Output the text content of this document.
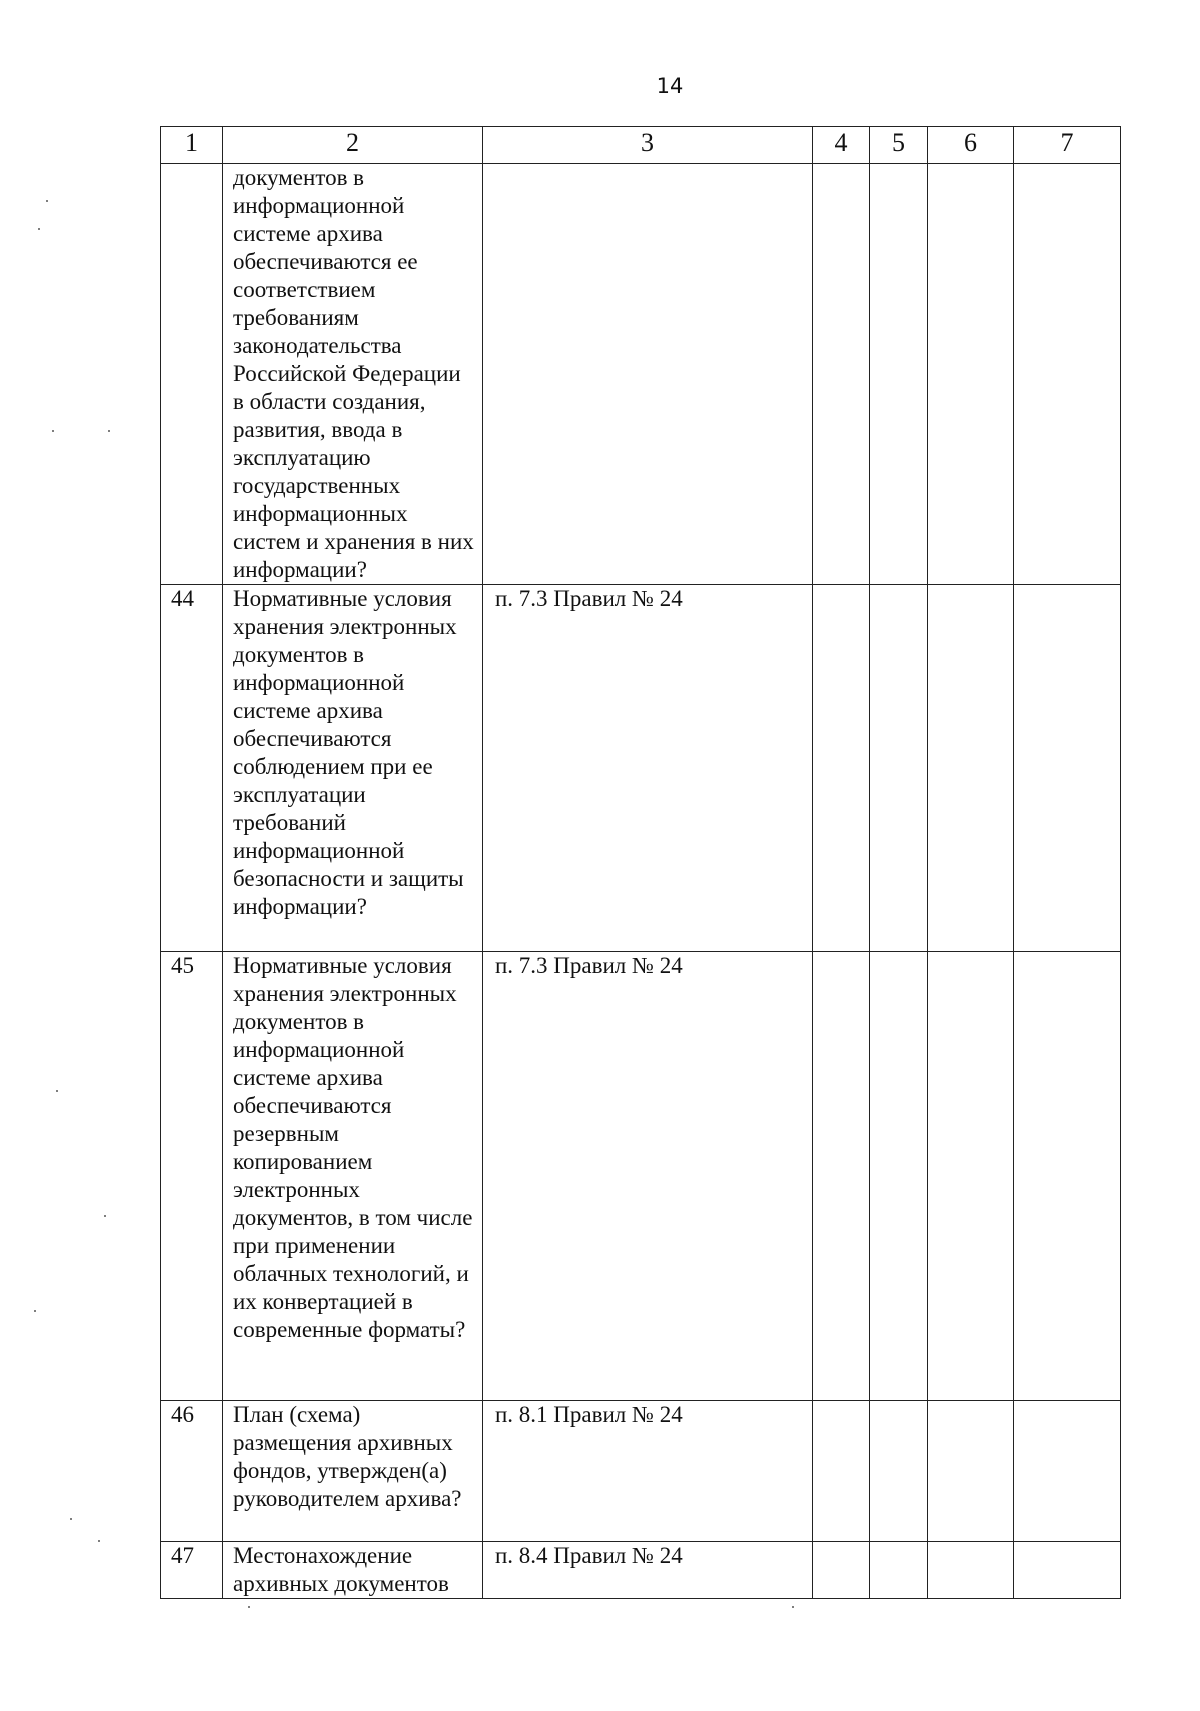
14
1	2	3	4	5	6	7
	документов в информационной системе архива обеспечиваются ее соответствием требованиям законодательства Российской Федерации в области создания, развития, ввода в эксплуатацию государственных информационных систем и хранения в них информации?					
44	Нормативные условия хранения электронных документов в информационной системе архива обеспечиваются соблюдением при ее эксплуатации требований информационной безопасности и защиты информации?	п. 7.3 Правил № 24				
45	Нормативные условия хранения электронных документов в информационной системе архива обеспечиваются резервным копированием электронных документов, в том числе при применении облачных технологий, и их конвертацией в современные форматы?	п. 7.3 Правил № 24				
46	План (схема) размещения архивных фондов, утвержден(а) руководителем архива?	п. 8.1 Правил № 24				
47	Местонахождение архивных документов	п. 8.4 Правил № 24				
